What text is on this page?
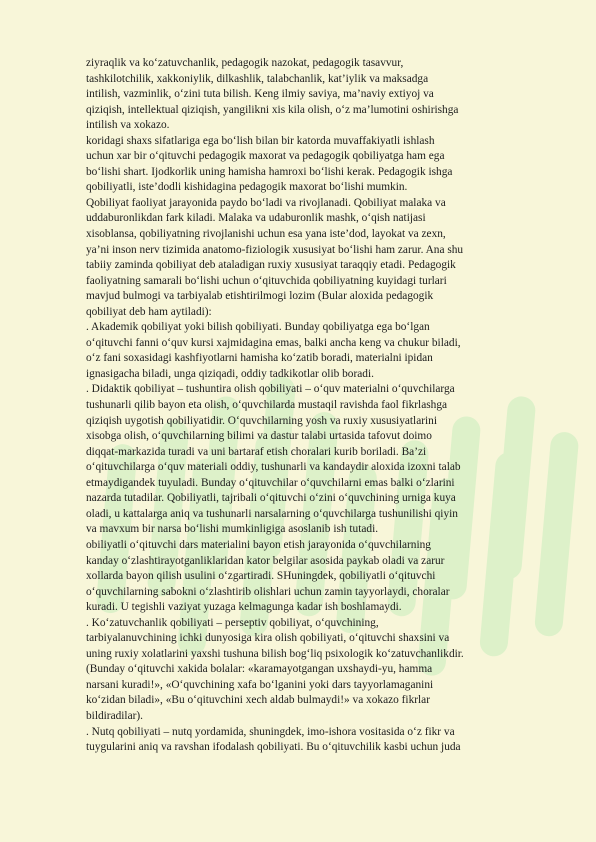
ziyraqlik va ko‘zatuvchanlik, pedagogik nazokat, pedagogik tasavvur,
tashkilotchilik, xakkoniylik, dilkashlik, talabchanlik, kat’iylik va maksadga
intilish, vazminlik, o‘zini tuta bilish. Keng ilmiy saviya, ma’naviy extiyoj va
qiziqish, intellektual qiziqish, yangilikni xis kila olish, o‘z ma’lumotini oshirishga
intilish va xokazo.
koridagi shaxs sifatlariga ega bo‘lish bilan bir katorda muvaffakiyatli ishlash
uchun xar bir o‘qituvchi pedagogik maxorat va pedagogik qobiliyatga ham ega
bo‘lishi shart. Ijodkorlik uning hamisha hamroxi bo‘lishi kerak. Pedagogik ishga
qobiliyatli, iste’dodli kishidagina pedagogik maxorat bo‘lishi mumkin.
Qobiliyat faoliyat jarayonida paydo bo‘ladi va rivojlanadi. Qobiliyat malaka va
uddaburonlikdan fark kiladi. Malaka va udaburonlik mashk, o‘qish natijasi
xisoblansa, qobiliyatning rivojlanishi uchun esa yana iste’dod, layokat va zexn,
ya’ni inson nerv tizimida anatomo-fiziologik xususiyat bo‘lishi ham zarur. Ana shu
tabiiy zaminda qobiliyat deb ataladigan ruxiy xususiyat taraqqiy etadi. Pedagogik
faoliyatning samarali bo‘lishi uchun o‘qituvchida qobiliyatning kuyidagi turlari
mavjud bulmogi va tarbiyalab etishtirilmogi lozim (Bular aloxida pedagogik
qobiliyat deb ham aytiladi):
. Akademik qobiliyat yoki bilish qobiliyati. Bunday qobiliyatga ega bo‘lgan
o‘qituvchi fanni o‘quv kursi xajmidagina emas, balki ancha keng va chukur biladi,
o‘z fani soxasidagi kashfiyotlarni hamisha ko‘zatib boradi, materialni ipidan
ignasigacha biladi, unga qiziqadi, oddiy tadkikotlar olib boradi.
. Didaktik qobiliyat – tushuntira olish qobiliyati – o‘quv materialni o‘quvchilarga
tushunarli qilib bayon eta olish, o‘quvchilarda mustaqil ravishda faol fikrlashga
qiziqish uygotish qobiliyatidir. O‘quvchilarning yosh va ruxiy xususiyatlarini
xisobga olish, o‘quvchilarning bilimi va dastur talabi urtasida tafovut doimo
diqqat-markazida turadi va uni bartaraf etish choralari kurib boriladi. Ba’zi
o‘qituvchilarga o‘quv materiali oddiy, tushunarli va kandaydir aloxida izoxni talab
etmaydigandek tuyuladi. Bunday o‘qituvchilar o‘quvchilarni emas balki o‘zlarini
nazarda tutadilar. Qobiliyatli, tajribali o‘qituvchi o‘zini o‘quvchining urniga kuya
oladi, u kattalarga aniq va tushunarli narsalarning o‘quvchilarga tushunilishi qiyin
va mavxum bir narsa bo‘lishi mumkinligiga asoslanib ish tutadi.
obiliyatli o‘qituvchi dars materialini bayon etish jarayonida o‘quvchilarning
kanday o‘zlashtirayotganliklaridan kator belgilar asosida paykab oladi va zarur
xollarda bayon qilish usulini o‘zgartiradi. SHuningdek, qobiliyatli o‘qituvchi
o‘quvchilarning sabokni o‘zlashtirib olishlari uchun zamin tayyorlaydi, choralar
kuradi. U tegishli vaziyat yuzaga kelmagunga kadar ish boshlamaydi.
. Ko‘zatuvchanlik qobiliyati – perseptiv qobiliyat, o‘quvchining,
tarbiyalanuvchining ichki dunyosiga kira olish qobiliyati, o‘qituvchi shaxsini va
uning ruxiy xolatlarini yaxshi tushuna bilish bog‘liq psixologik ko‘zatuvchanlikdir.
(Bunday o‘qituvchi xakida bolalar: «karamayotgangan uxshaydi-yu, hamma
narsani kuradi!», «O‘quvchining xafa bo‘lganini yoki dars tayyorlamaganini
ko‘zidan biladi», «Bu o‘qituvchini xech aldab bulmaydi!» va xokazo fikrlar
bildiradilar).
. Nutq qobiliyati – nutq yordamida, shuningdek, imo-ishora vositasida o‘z fikr va
tuygularini aniq va ravshan ifodalash qobiliyati. Bu o‘qituvchilik kasbi uchun juda
